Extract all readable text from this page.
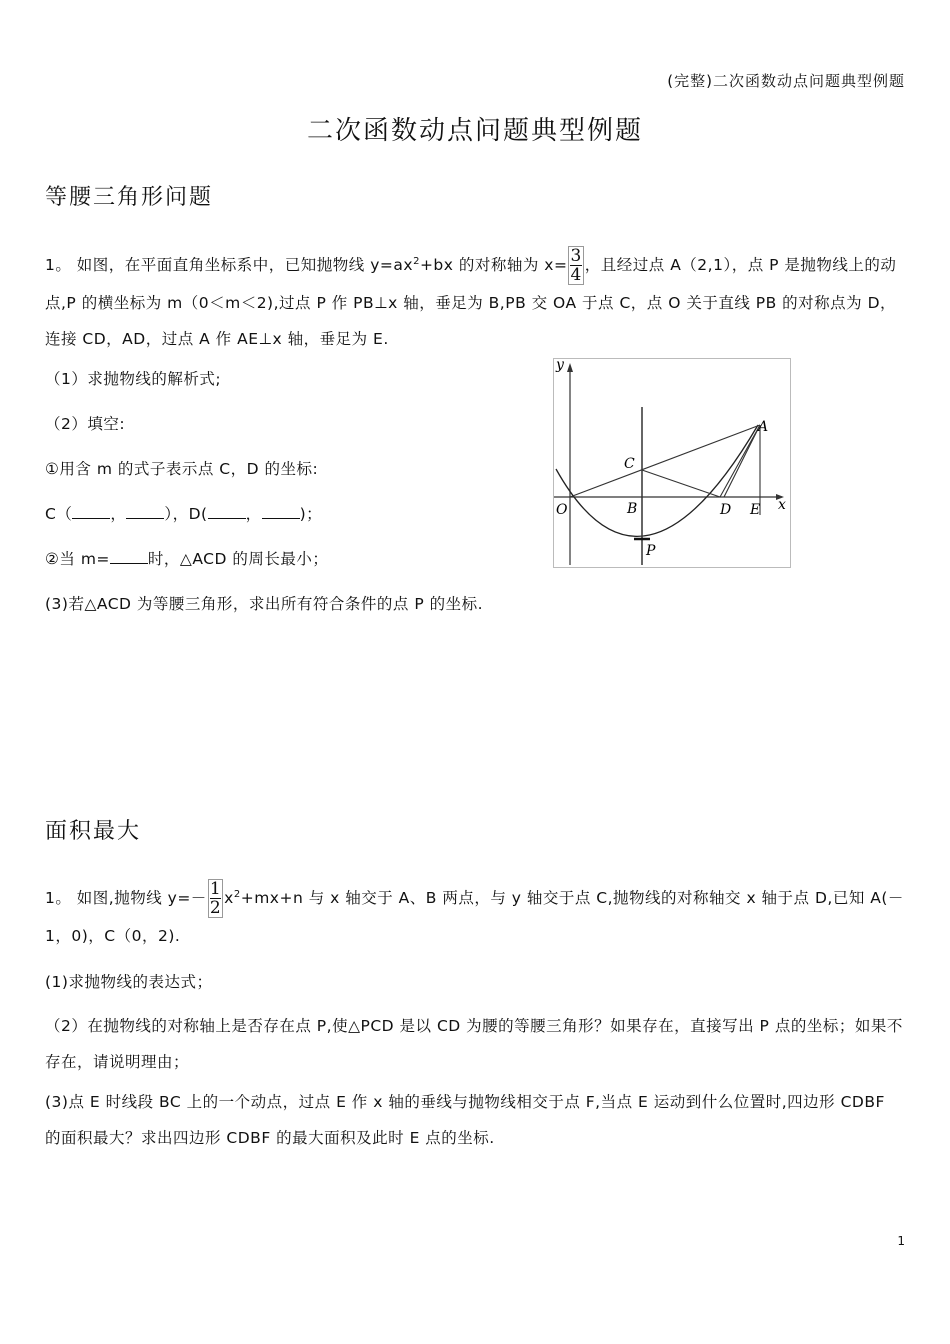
(完整)二次函数动点问题典型例题
二次函数动点问题典型例题
等腰三角形问题
1。 如图，在平面直角坐标系中，已知抛物线 $y=ax^2+bx$ 的对称轴为 $x= \frac{3}{4}$ ，且经过点 A（2,1），点 P 是抛物线上的动点,P 的横坐标为 m（0＜m＜2),过点 P 作 PB⊥x 轴，垂足为 B,PB 交 OA 于点 C，点 O 关于直线 PB 的对称点为 D，连接 CD，AD，过点 A 作 AE⊥x 轴，垂足为 E.
（1）求抛物线的解析式;
（2）填空:
①用含 m 的式子表示点 C，D 的坐标:
C（ ， ），D( ， )；
②当 m= 时，△ACD 的周长最小；
(3)若△ACD 为等腰三角形，求出所有符合条件的点 P 的坐标.
y
x
O	B
C
D E
A
P
面积最大
1。 如图,抛物线 $y=- \frac{1}{2} x^2+mx+n$ 与 x 轴交于 A、B 两点，与 y 轴交于点 C,抛物线的对称轴交 x 轴于点 D,已知 A(－1，0)，C（0，2).
(1)求抛物线的表达式；
（2）在抛物线的对称轴上是否存在点 P,使△PCD 是以 CD 为腰的等腰三角形？如果存在，直接写出 P 点的坐标；如果不存在，请说明理由；
(3)点 E 时线段 BC 上的一个动点，过点 E 作 x 轴的垂线与抛物线相交于点 F,当点 E 运动到什么位置时,四边形 CDBF 的面积最大？求出四边形 CDBF 的最大面积及此时 E 点的坐标.
1
